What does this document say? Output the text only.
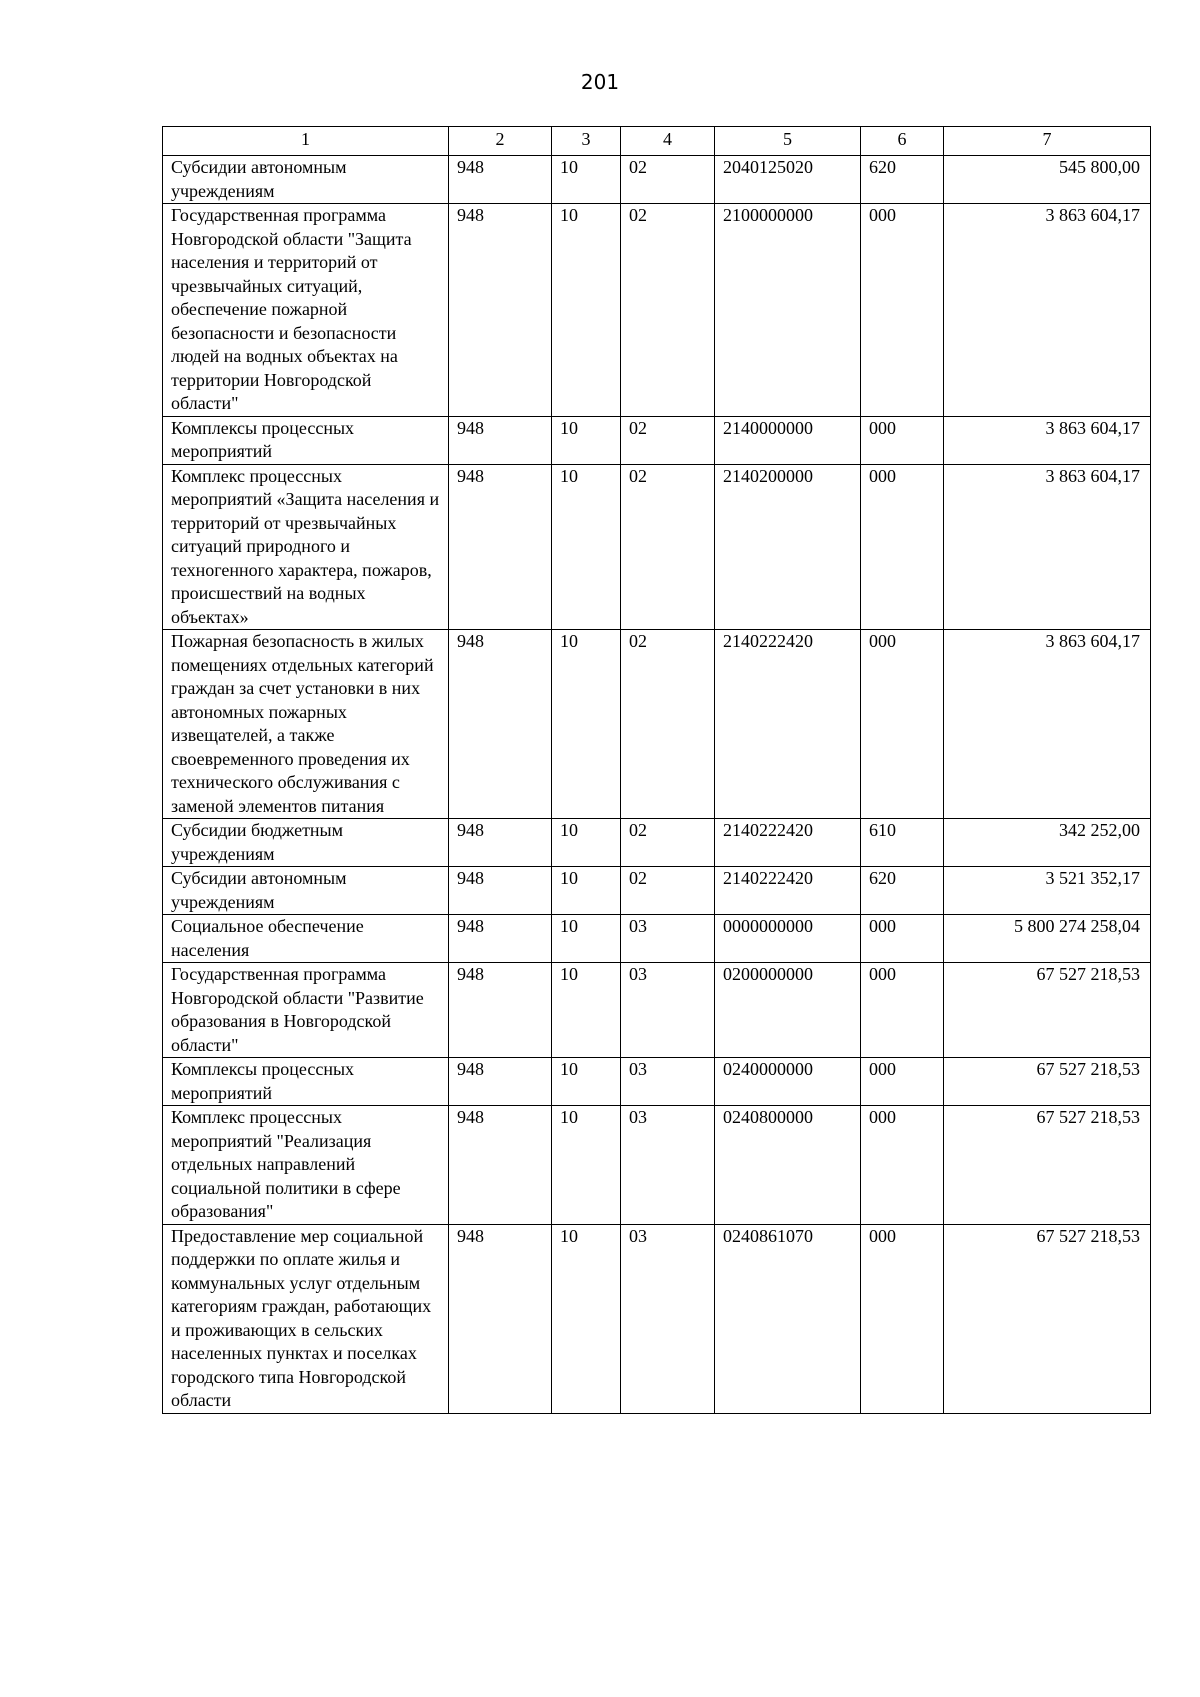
201
1	2	3	4	5	6	7
Субсидии автономным учреждениям	948	10	02	2040125020	620	545 800,00
Государственная программа Новгородской области "Защита населения и территорий от чрезвычайных ситуаций, обеспечение пожарной безопасности и безопасности людей на водных объектах на территории Новгородской области"	948	10	02	2100000000	000	3 863 604,17
Комплексы процессных мероприятий	948	10	02	2140000000	000	3 863 604,17
Комплекс процессных мероприятий «Защита населения и территорий от чрезвычайных ситуаций природного и техногенного характера, пожаров, происшествий на водных объектах»	948	10	02	2140200000	000	3 863 604,17
Пожарная безопасность в жилых помещениях отдельных категорий граждан за счет установки в них автономных пожарных извещателей, а также своевременного проведения их технического обслуживания с заменой элементов питания	948	10	02	2140222420	000	3 863 604,17
Субсидии бюджетным учреждениям	948	10	02	2140222420	610	342 252,00
Субсидии автономным учреждениям	948	10	02	2140222420	620	3 521 352,17
Социальное обеспечение населения	948	10	03	0000000000	000	5 800 274 258,04
Государственная программа Новгородской области "Развитие образования в Новгородской области"	948	10	03	0200000000	000	67 527 218,53
Комплексы процессных мероприятий	948	10	03	0240000000	000	67 527 218,53
Комплекс процессных мероприятий "Реализация отдельных направлений социальной политики в сфере образования"	948	10	03	0240800000	000	67 527 218,53
Предоставление мер социальной поддержки по оплате жилья и коммунальных услуг отдельным категориям граждан, работающих и проживающих в сельских населенных пунктах и поселках городского типа Новгородской области	948	10	03	0240861070	000	67 527 218,53
